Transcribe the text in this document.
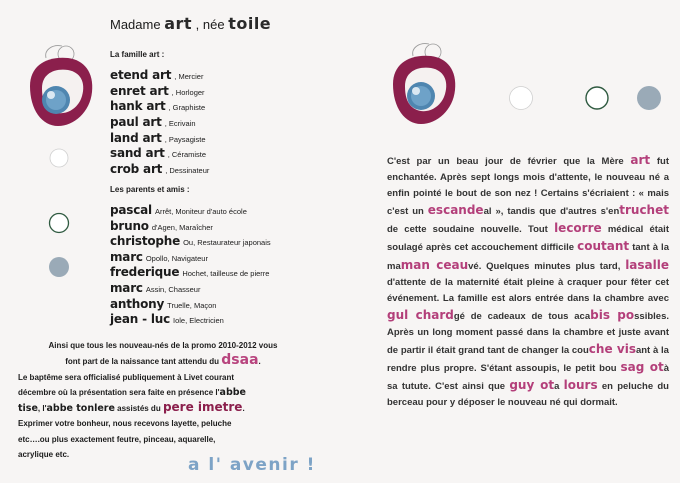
Madame art , née toile
La famille art :
etend art , Mercier
enret art , Horloger
hank art , Graphiste
paul art , Ecrivain
land art , Paysagiste
sand art , Céramiste
crob art , Dessinateur
Les parents et amis :
pascal Arrêt, Moniteur d'auto école
bruno d'Agen, Maraîcher
christophe Ou, Restaurateur japonais
marc Opollo, Navigateur
frederique Hochet, tailleuse de pierre
marc Assin, Chasseur
anthony Truelle, Maçon
jean - luc Iole, Electricien
Ainsi que tous les nouveau-nés de la promo 2010-2012 vous
font part de la naissance tant attendu du dsaa.
Le baptême sera officialisé publiquement à Livet courant
décembre où la présentation sera faite en présence l'abbe
tise, l'abbe tonlere assistés du pere imetre.
Exprimer votre bonheur, nous recevons layette, peluche
etc….ou plus exactement feutre, pinceau, aquarelle,
acrylique etc.
a l' avenir !
C'est par un beau jour de février que la Mère art fut enchantée. Après sept longs mois d'attente, le nouveau né a enfin pointé le bout de son nez ! Certains s'écriaient : « mais c'est un escandeal », tandis que d'autres s'entruchet de cette soudaine nouvelle. Tout lecorre médical était soulagé après cet accouchement difficile coutant tant à la maman ceauvé. Quelques minutes plus tard, lasalle d'attente de la maternité était pleine à craquer pour fêter cet événement. La famille est alors entrée dans la chambre avec gul chardgé de cadeaux de tous acabis possibles. Après un long moment passé dans la chambre et juste avant de partir il était grand tant de changer la couche visant à la rendre plus propre. S'étant assoupis, le petit bou sag otà sa tutute. C'est ainsi que guy ota lours en peluche du berceau pour y déposer le nouveau né qui dormait.
